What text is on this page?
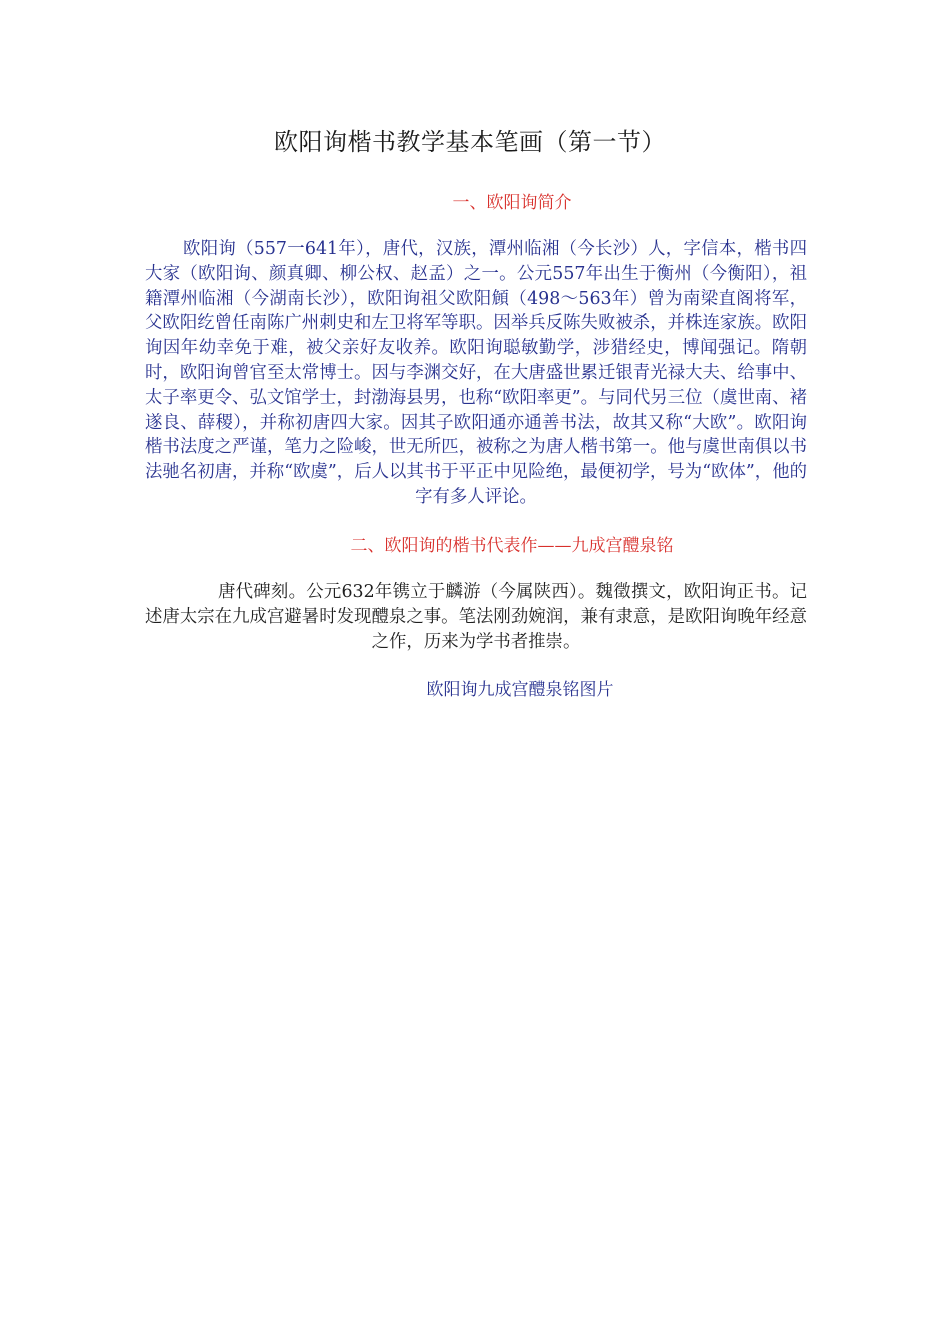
欧阳询楷书教学基本笔画（第一节）
一、欧阳询简介

欧阳询（557一641年），唐代，汉族，潭州临湘（今长沙）人，字信本，楷书四大家（欧阳询、颜真卿、柳公权、赵孟）之一。公元557年出生于衡州（今衡阳），祖籍潭州临湘（今湖南长沙），欧阳询祖父欧阳頠（498～563年）曾为南梁直阁将军，父欧阳纥曾任南陈广州刺史和左卫将军等职。因举兵反陈失败被杀，并株连家族。欧阳询因年幼幸免于难，被父亲好友收养。欧阳询聪敏勤学，涉猎经史，博闻强记。隋朝时，欧阳询曾官至太常博士。因与李渊交好，在大唐盛世累迁银青光禄大夫、给事中、太子率更令、弘文馆学士，封渤海县男，也称“欧阳率更”。与同代另三位（虞世南、褚遂良、薛稷），并称初唐四大家。因其子欧阳通亦通善书法，故其又称“大欧”。欧阳询楷书法度之严谨，笔力之险峻，世无所匹，被称之为唐人楷书第一。他与虞世南俱以书法驰名初唐，并称“欧虞”，后人以其书于平正中见险绝，最便初学，号为“欧体”，他的字有多人评论。

二、欧阳询的楷书代表作——九成宫醴泉铭

唐代碑刻。公元632年镌立于麟游（今属陕西）。魏徵撰文，欧阳询正书。记述唐太宗在九成宫避暑时发现醴泉之事。笔法刚劲婉润，兼有隶意，是欧阳询晚年经意之作，历来为学书者推崇。

欧阳询九成宫醴泉铭图片
